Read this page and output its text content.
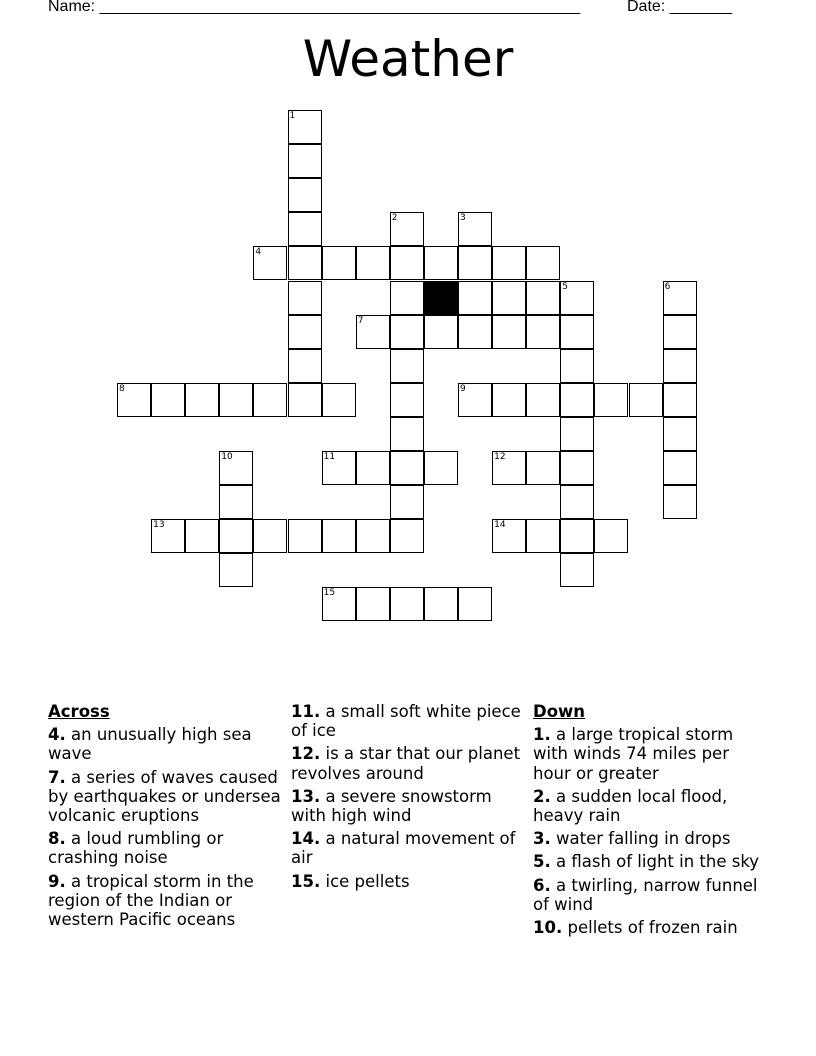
Name: ______________________________________________________	Date: _______
Weather
1
2	3
4
5	6
7
8	9
10	11	12
13	14
15
Across
4. an unusually high sea wave
7. a series of waves caused by earthquakes or undersea volcanic eruptions
8. a loud rumbling or crashing noise
9. a tropical storm in the region of the Indian or western Pacific oceans
11. a small soft white piece of ice
12. is a star that our planet revolves around
13. a severe snowstorm with high wind
14. a natural movement of air
15. ice pellets
Down
1. a large tropical storm with winds 74 miles per hour or greater
2. a sudden local flood, heavy rain
3. water falling in drops
5. a flash of light in the sky
6. a twirling, narrow funnel of wind
10. pellets of frozen rain
